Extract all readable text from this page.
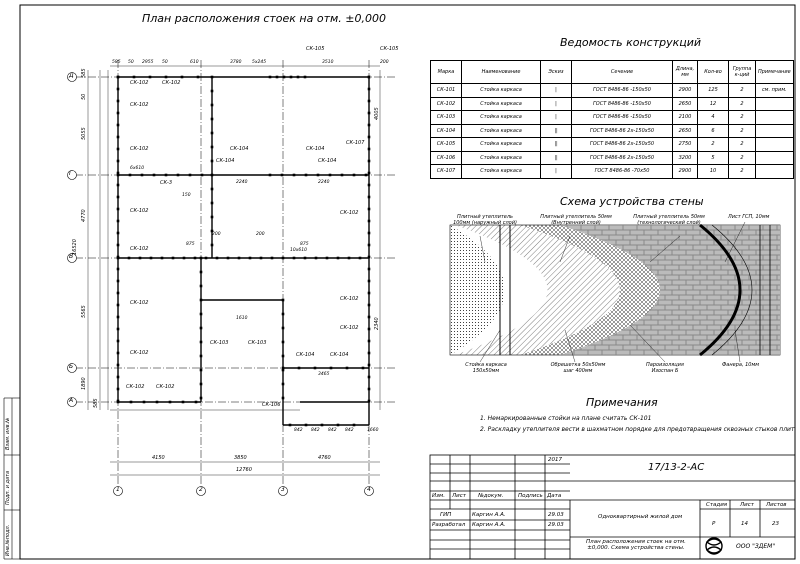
План расположения стоек на отм. ±0,000
Ведомость конструкций
Схема устройства стены
Примечания
Д
Г
В
Б
А
1	2	3	4
4150	3850	4760
12760
585 50 2955 50	610	3780 5x245	3510	200
585
50
5055
4770
16520
5565
1890
585
2240	2240
150
200	200
875	875
1610
3465
842 842 842 842	1660
2340
4005
6x610
10x610
СК-102	СК-102
СК-102
СК-102
СК-102
СК-102
СК-102
СК-102
СК-102 СК-102
СК-102
СК-102
СК-102
СК-104
СК-104
СК-104
СК-104
СК-104	СК-104
СК-105	СК-105
СК-107
СК-3
СК-103	СК-103
СК-106
Марка	Наименование	Эскиз	Сечение	Длина, мм	Кол-во	Группа к-ций	Примечание
СК-101	Стойка каркаса	|	ГОСТ 8486-86 -150х50	2900	125	2	см. прим.
СК-102	Стойка каркаса	|	ГОСТ 8486-86 -150х50	2650	12	2	
СК-103	Стойка каркаса	|	ГОСТ 8486-86 -150х50	2100	4	2	
СК-104	Стойка каркаса	||	ГОСТ 8486-86 2х-150х50	2650	6	2	
СК-105	Стойка каркаса	||	ГОСТ 8486-86 2х-150х50	2750	2	2	
СК-106	Стойка каркаса	||	ГОСТ 8486-86 2х-150х50	3200	5	2	
СК-107	Стойка каркаса	|	ГОСТ 8486-86 -70х50	2900	10	2	
Плитный утеплитель 100мм (наружный слой)
Плитный утеплитель 50мм (Внутренний слой)
Плитный утеплитель 50мм (технологический слой)
Лист ГСП, 10мм
Стойка каркаса 150х50мм
Обрешетка 50х50мм шаг 400мм
Пароизоляция Изоспан Б
Фанера, 10мм
1. Немаркированные стойки на плане считать СК-101
2. Раскладку утеплителя вести в шахматном порядке для предотвращения сквозных стыков плит.
2017
17/13-2-АС
Изм. Лист №докум.	Подпись Дата
Одноквартирный жилой дом
Стадия Лист Листов
Р	14	23
План расположения стоек на отм. ±0,000. Схема устройства стены.	ООО "ЗДЕМ"
ГИП	Каргин А.А.	29.03
Разработал Каргин А.А.	29.03
Взам. инв.№
Подп. и дата
Инв.№подл.
